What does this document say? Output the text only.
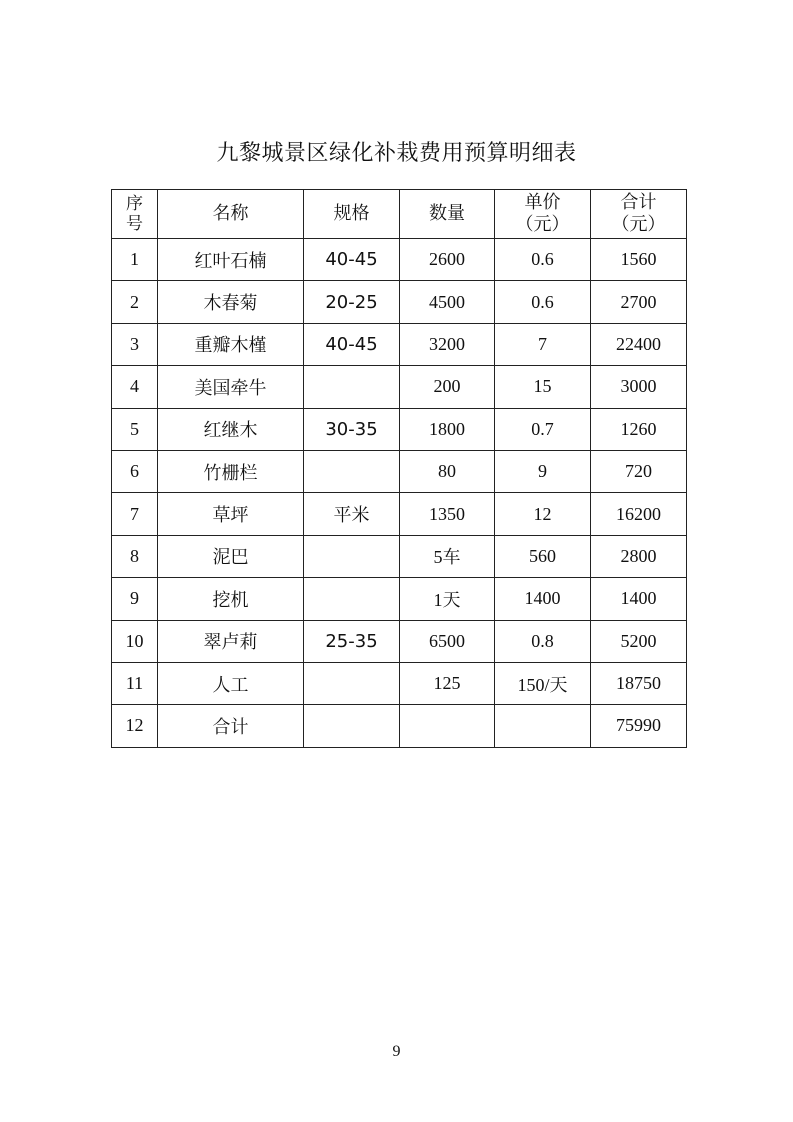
九黎城景区绿化补栽费用预算明细表
序号	名称	规格	数量	单价（元）	合计（元）
1	红叶石楠	40-45	2600	0.6	1560
2	木春菊	20-25	4500	0.6	2700
3	重瓣木槿	40-45	3200	7	22400
4	美国牵牛		200	15	3000
5	红继木	30-35	1800	0.7	1260
6	竹栅栏		80	9	720
7	草坪	平米	1350	12	16200
8	泥巴		5车	560	2800
9	挖机		1天	1400	1400
10	翠卢莉	25-35	6500	0.8	5200
11	人工		125	150/天	18750
12	合计				75990
9
